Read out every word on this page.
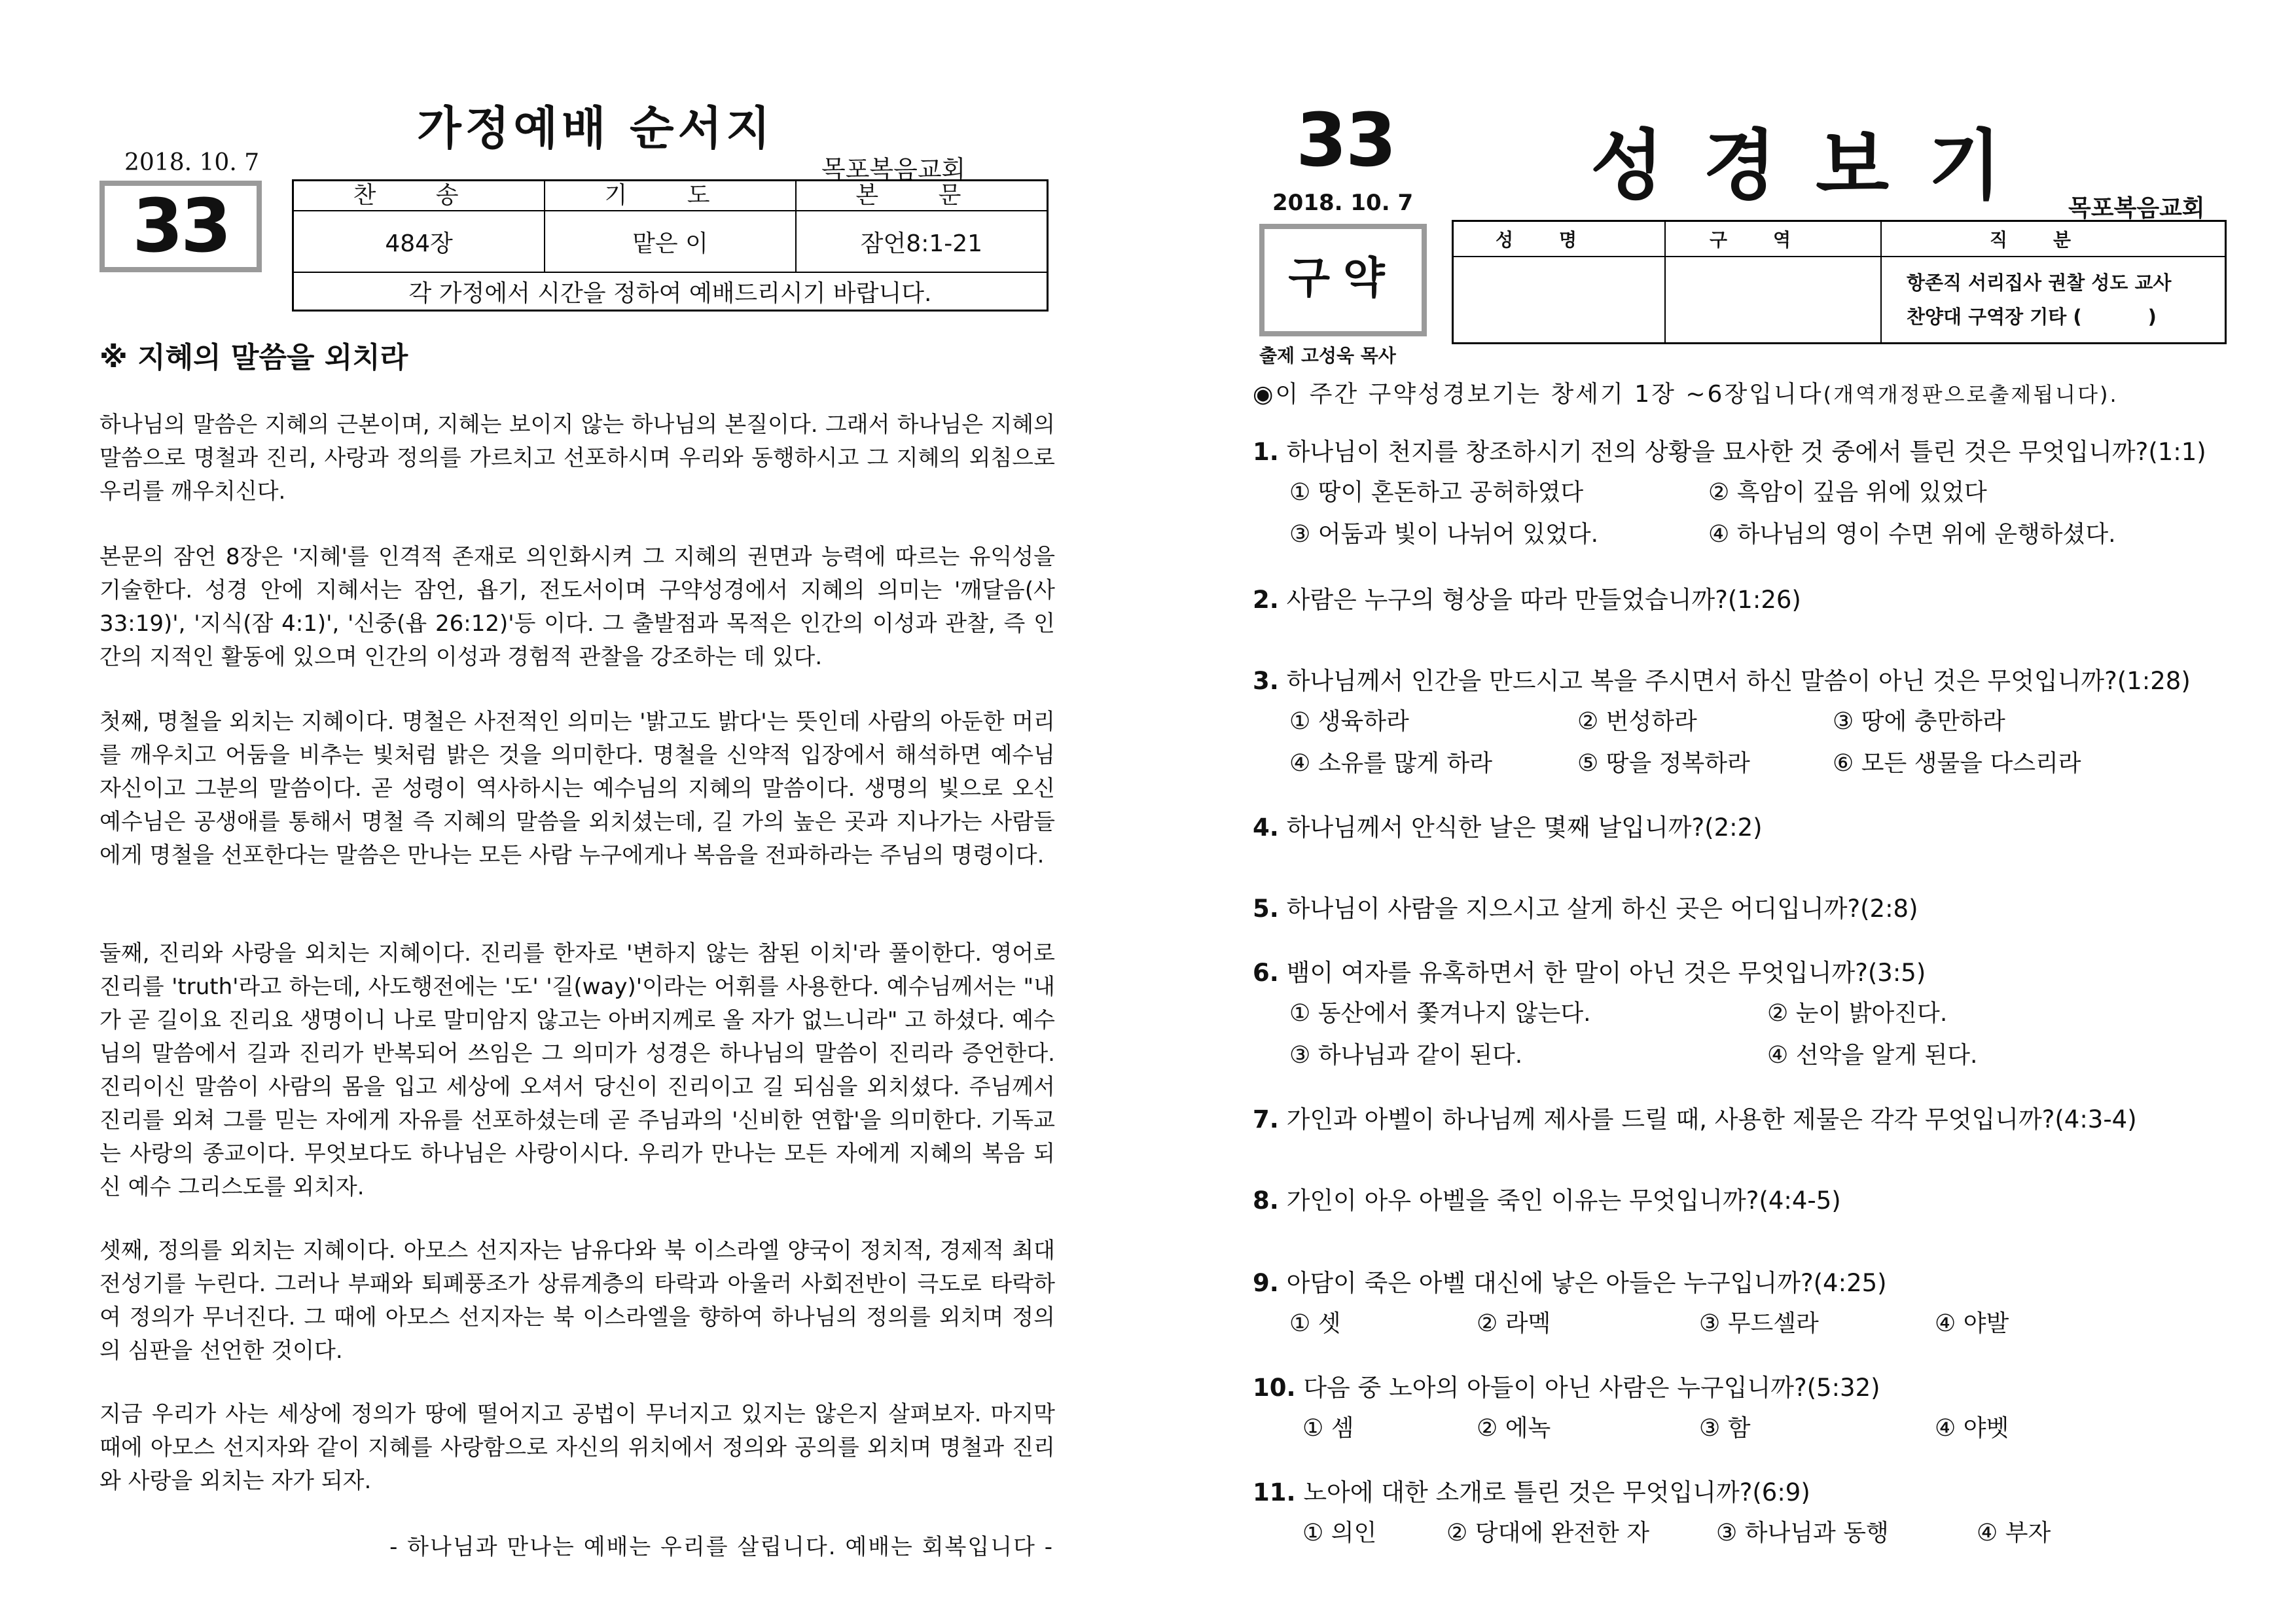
가정예배 순서지
2018. 10. 7	목포복음교회
33	찬 송	기 도	본 문
484장	맡은 이	잠언8:1-21
각 가정에서 시간을 정하여 예배드리시기 바랍니다.		
※ 지혜의 말씀을 외치라
하나님의 말씀은 지혜의 근본이며, 지혜는 보이지 않는 하나님의 본질이다. 그래서 하나님은 지혜의 말씀으로 명철과 진리, 사랑과 정의를 가르치고 선포하시며 우리와 동행하시고 그 지혜의 외침으로 우리를 깨우치신다.
본문의 잠언 8장은 '지혜'를 인격적 존재로 의인화시켜 그 지혜의 권면과 능력에 따르는 유익성을 기술한다. 성경 안에 지혜서는 잠언, 욥기, 전도서이며 구약성경에서 지혜의 의미는 '깨달음(사 33:19)', '지식(잠 4:1)', '신중(욥 26:12)'등 이다. 그 출발점과 목적은 인간의 이성과 관찰, 즉 인간의 지적인 활동에 있으며 인간의 이성과 경험적 관찰을 강조하는 데 있다.
첫째, 명철을 외치는 지혜이다. 명철은 사전적인 의미는 '밝고도 밝다'는 뜻인데 사람의 아둔한 머리를 깨우치고 어둠을 비추는 빛처럼 밝은 것을 의미한다. 명철을 신약적 입장에서 해석하면 예수님 자신이고 그분의 말씀이다. 곧 성령이 역사하시는 예수님의 지혜의 말씀이다. 생명의 빛으로 오신 예수님은 공생애를 통해서 명철 즉 지혜의 말씀을 외치셨는데, 길 가의 높은 곳과 지나가는 사람들에게 명철을 선포한다는 말씀은 만나는 모든 사람 누구에게나 복음을 전파하라는 주님의 명령이다.
둘째, 진리와 사랑을 외치는 지혜이다. 진리를 한자로 '변하지 않는 참된 이치'라 풀이한다. 영어로 진리를 'truth'라고 하는데, 사도행전에는 '도' '길(way)'이라는 어휘를 사용한다. 예수님께서는 "내가 곧 길이요 진리요 생명이니 나로 말미암지 않고는 아버지께로 올 자가 없느니라" 고 하셨다. 예수님의 말씀에서 길과 진리가 반복되어 쓰임은 그 의미가 성경은 하나님의 말씀이 진리라 증언한다. 진리이신 말씀이 사람의 몸을 입고 세상에 오셔서 당신이 진리이고 길 되심을 외치셨다. 주님께서 진리를 외쳐 그를 믿는 자에게 자유를 선포하셨는데 곧 주님과의 '신비한 연합'을 의미한다. 기독교는 사랑의 종교이다. 무엇보다도 하나님은 사랑이시다. 우리가 만나는 모든 자에게 지혜의 복음 되신 예수 그리스도를 외치자.
셋째, 정의를 외치는 지혜이다. 아모스 선지자는 남유다와 북 이스라엘 양국이 정치적, 경제적 최대 전성기를 누린다. 그러나 부패와 퇴폐풍조가 상류계층의 타락과 아울러 사회전반이 극도로 타락하여 정의가 무너진다. 그 때에 아모스 선지자는 북 이스라엘을 향하여 하나님의 정의를 외치며 정의의 심판을 선언한 것이다.
지금 우리가 사는 세상에 정의가 땅에 떨어지고 공법이 무너지고 있지는 않은지 살펴보자. 마지막 때에 아모스 선지자와 같이 지혜를 사랑함으로 자신의 위치에서 정의와 공의를 외치며 명철과 진리와 사랑을 외치는 자가 되자.
- 하나님과 만나는 예배는 우리를 살립니다. 예배는 회복입니다 -
33	성경보기
2018. 10. 7	목포복음교회
구약
출제 고성욱 목사
성명	구역	직분

		항존직 서리집사 권찰 성도 교사
찬양대 구역장 기타 (          )
◉이 주간 구약성경보기는 창세기 1장 ~6장입니다(개역개정판으로출제됩니다).
1. 하나님이 천지를 창조하시기 전의 상황을 묘사한 것 중에서 틀린 것은 무엇입니까?(1:1)
① 땅이 혼돈하고 공허하였다	② 흑암이 깊음 위에 있었다
③ 어둠과 빛이 나뉘어 있었다.	④ 하나님의 영이 수면 위에 운행하셨다.
2. 사람은 누구의 형상을 따라 만들었습니까?(1:26)
3. 하나님께서 인간을 만드시고 복을 주시면서 하신 말씀이 아닌 것은 무엇입니까?(1:28)
① 생육하라	② 번성하라	③ 땅에 충만하라
④ 소유를 많게 하라	⑤ 땅을 정복하라	⑥ 모든 생물을 다스리라
4. 하나님께서 안식한 날은 몇째 날입니까?(2:2)
5. 하나님이 사람을 지으시고 살게 하신 곳은 어디입니까?(2:8)
6. 뱀이 여자를 유혹하면서 한 말이 아닌 것은 무엇입니까?(3:5)
① 동산에서 쫓겨나지 않는다.	② 눈이 밝아진다.
③ 하나님과 같이 된다.	④ 선악을 알게 된다.
7. 가인과 아벨이 하나님께 제사를 드릴 때, 사용한 제물은 각각 무엇입니까?(4:3-4)
8. 가인이 아우 아벨을 죽인 이유는 무엇입니까?(4:4-5)
9. 아담이 죽은 아벨 대신에 낳은 아들은 누구입니까?(4:25)
① 셋	② 라멕	③ 무드셀라	④ 야발
10. 다음 중 노아의 아들이 아닌 사람은 누구입니까?(5:32)
① 셈	② 에녹	③ 함	④ 야벳
11. 노아에 대한 소개로 틀린 것은 무엇입니까?(6:9)
① 의인	② 당대에 완전한 자	③ 하나님과 동행	④ 부자
